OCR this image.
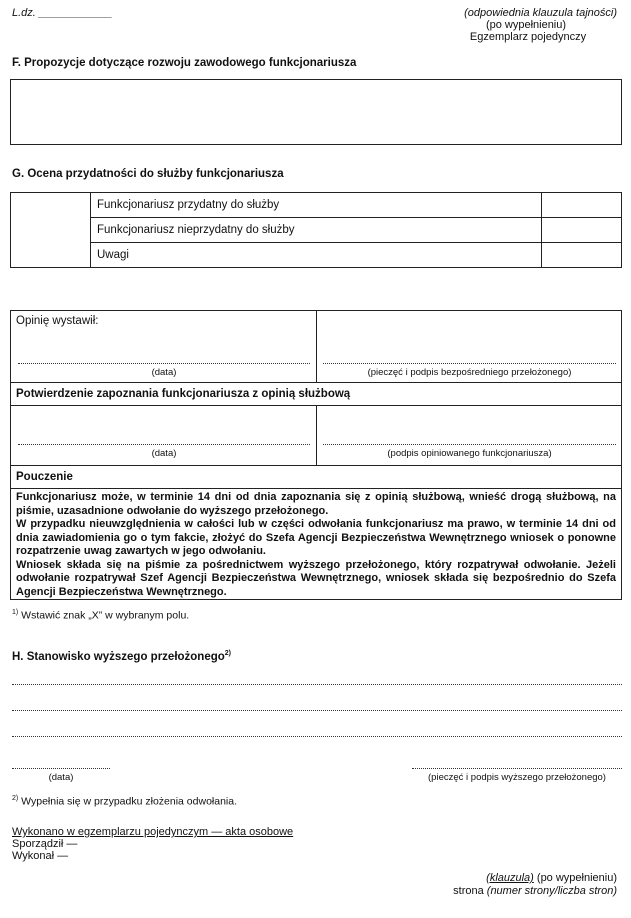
L.dz. ____________	(odpowiednia klauzula tajności)
(po wypełnieniu)
Egzemplarz pojedynczy
F. Propozycje dotyczące rozwoju zawodowego funkcjonariusza
G. Ocena przydatności do służby funkcjonariusza
	Funkcjonariusz przydatny do służby	
	Funkcjonariusz nieprzydatny do służby	
	Uwagi	
Opinię wystawił:
(data)	(pieczęć i podpis bezpośredniego przełożonego)
Potwierdzenie zapoznania funkcjonariusza z opinią służbową
(data)	(podpis opiniowanego funkcjonariusza)
Pouczenie
Funkcjonariusz może, w terminie 14 dni od dnia zapoznania się z opinią służbową, wnieść drogą służbową, na piśmie, uzasadnione odwołanie do wyższego przełożonego.
W przypadku nieuwzględnienia w całości lub w części odwołania funkcjonariusz ma prawo, w terminie 14 dni od dnia zawiadomienia go o tym fakcie, złożyć do Szefa Agencji Bezpieczeństwa Wewnętrznego wniosek o ponowne rozpatrzenie uwag zawartych w jego odwołaniu.
Wniosek składa się na piśmie za pośrednictwem wyższego przełożonego, który rozpatrywał odwołanie. Jeżeli odwołanie rozpatrywał Szef Agencji Bezpieczeństwa Wewnętrznego, wniosek składa się bezpośrednio do Szefa Agencji Bezpieczeństwa Wewnętrznego.
$^{1)}$ Wstawić znak „X” w wybranym polu.
H. Stanowisko wyższego przełożonego$^{2)}$
(data)	(pieczęć i podpis wyższego przełożonego)
$^{2)}$ Wypełnia się w przypadku złożenia odwołania.
Wykonano w egzemplarzu pojedynczym — akta osobowe
Sporządził —
Wykonał —
(klauzula) (po wypełnieniu)
strona (numer strony/liczba stron)
